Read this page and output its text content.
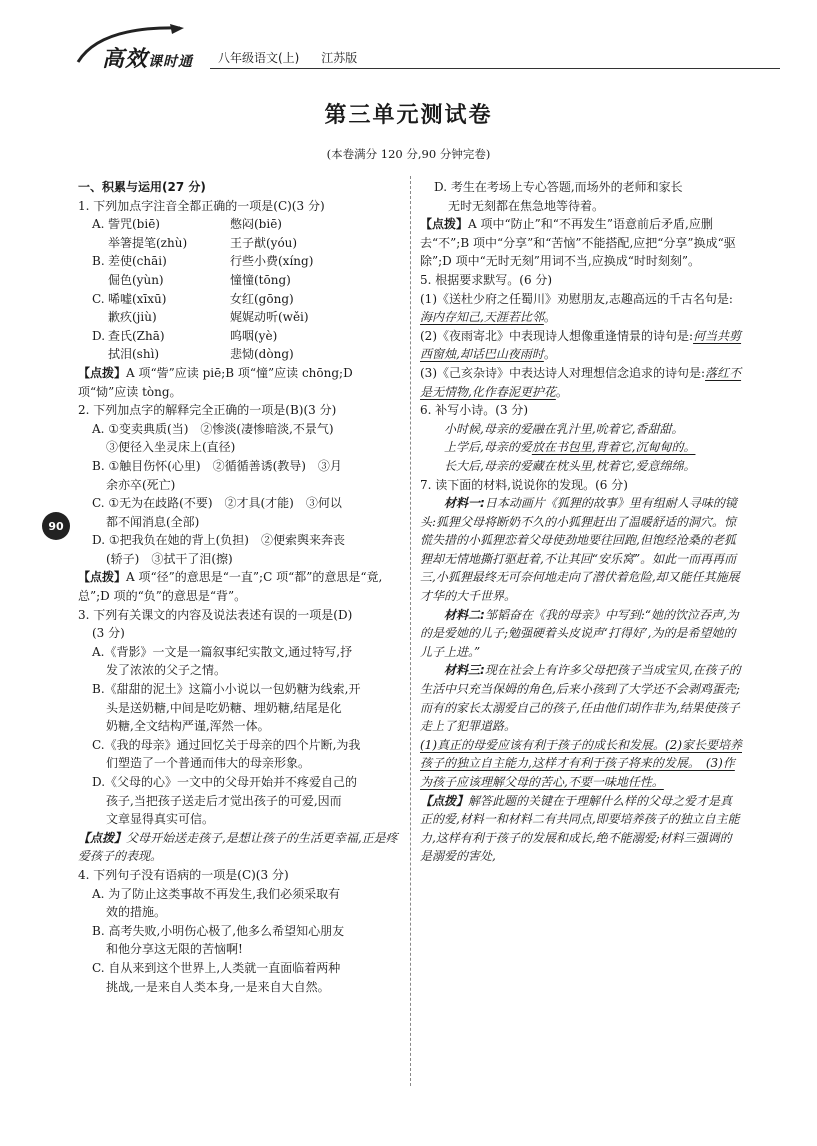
高效课时通 八年级语文(上) 江苏版
第三单元测试卷
(本卷满分 120 分,90 分钟完卷)
90

一、积累与运用(27 分)

1. 下列加点字注音全都正确的一项是(C)(3 分)

A. 訾咒(biē)	憋闷(biē)
举箸提笔(zhù)	王子猷(yóu)
B. 差使(chāi)	行些小费(xíng)
倔色(yùn)	憧憧(tōng)
C. 唏嘘(xīxū)	女红(gōng)
歉疚(jiù)	娓娓动听(wěi)
D. 查氏(Zhā)	呜咽(yè)
拭泪(shì)	悲恸(dòng)

【点拨】A 项“訾”应读 piē;B 项“憧”应读 chōng;D 项“恸”应读 tòng。

2. 下列加点字的解释完全正确的一项是(B)(3 分)

A. ①变卖典质(当)　②惨淡(凄惨暗淡,不景气)

③便径入坐灵床上(直径)

B. ①触目伤怀(心里)　②循循善诱(教导)　③月

余亦卒(死亡)

C. ①无为在歧路(不要)　②才具(才能)　③何以

都不闻消息(全部)

D. ①把我负在她的背上(负担)　②便索舆来奔丧

(轿子)　③拭干了泪(擦)

【点拨】A 项“径”的意思是“一直”;C 项“都”的意思是“竟,总”;D 项的“负”的意思是“背”。

3. 下列有关课文的内容及说法表述有误的一项是(D)

(3 分)

A.《背影》一文是一篇叙事纪实散文,通过特写,抒

发了浓浓的父子之情。

B.《甜甜的泥土》这篇小小说以一包奶糖为线索,开

头是送奶糖,中间是吃奶糖、埋奶糖,结尾是化

奶糖,全文结构严谨,浑然一体。

C.《我的母亲》通过回忆关于母亲的四个片断,为我

们塑造了一个普通而伟大的母亲形象。

D.《父母的心》一文中的父母开始并不疼爱自己的

孩子,当把孩子送走后才觉出孩子的可爱,因而

文章显得真实可信。

【点拨】父母开始送走孩子,是想让孩子的生活更幸福,正是疼爱孩子的表现。

4. 下列句子没有语病的一项是(C)(3 分)

A. 为了防止这类事故不再发生,我们必须采取有

效的措施。

B. 高考失败,小明伤心极了,他多么希望知心朋友

和他分享这无限的苦恼啊!

C. 自从来到这个世界上,人类就一直面临着两种

挑战,一是来自人类本身,一是来自大自然。

D. 考生在考场上专心答题,而场外的老师和家长

无时无刻都在焦急地等待着。

【点拨】A 项中“防止”和“不再发生”语意前后矛盾,应删去“不”;B 项中“分享”和“苦恼”不能搭配,应把“分享”换成“驱除”;D 项中“无时无刻”用词不当,应换成“时时刻刻”。

5. 根据要求默写。(6 分)

(1)《送杜少府之任蜀川》劝慰朋友,志趣高远的千古名句是:海内存知己,天涯若比邻。

(2)《夜雨寄北》中表现诗人想像重逢情景的诗句是:何当共剪西窗烛,却话巴山夜雨时。

(3)《己亥杂诗》中表达诗人对理想信念追求的诗句是:落红不是无情物,化作春泥更护花。

6. 补写小诗。(3 分)

小时候,母亲的爱融在乳汁里,吮着它,香甜甜。

上学后,母亲的爱放在书包里,背着它,沉甸甸的。

长大后,母亲的爱藏在枕头里,枕着它,爱意绵绵。

7. 读下面的材料,说说你的发现。(6 分)

材料一:日本动画片《狐狸的故事》里有组耐人寻味的镜头:狐狸父母将断奶不久的小狐狸赶出了温暖舒适的洞穴。惊慌失措的小狐狸恋着父母使劲地要往回跑,但饱经沧桑的老狐狸却无情地撕打驱赶着,不让其回“安乐窝”。如此一而再再而三,小狐狸最终无可奈何地走向了潜伏着危险,却又能任其施展才华的大千世界。

材料二:邹韬奋在《我的母亲》中写到:“她的饮泣吞声,为的是爱她的儿子;勉强硬着头皮说声‘打得好’,为的是希望她的儿子上进。”

材料三:现在社会上有许多父母把孩子当成宝贝,在孩子的生活中只充当保姆的角色,后来小孩到了大学还不会剥鸡蛋壳;而有的家长太溺爱自己的孩子,任由他们胡作非为,结果使孩子走上了犯罪道路。

(1)真正的母爱应该有利于孩子的成长和发展。(2)家长要培养孩子的独立自主能力,这样才有利于孩子将来的发展。　(3)作为孩子应该理解父母的苦心,不要一味地任性。

【点拨】解答此题的关键在于理解什么样的父母之爱才是真正的爱,材料一和材料二有共同点,即要培养孩子的独立自主能力,这样有利于孩子的发展和成长,绝不能溺爱;材料三强调的是溺爱的害处,
